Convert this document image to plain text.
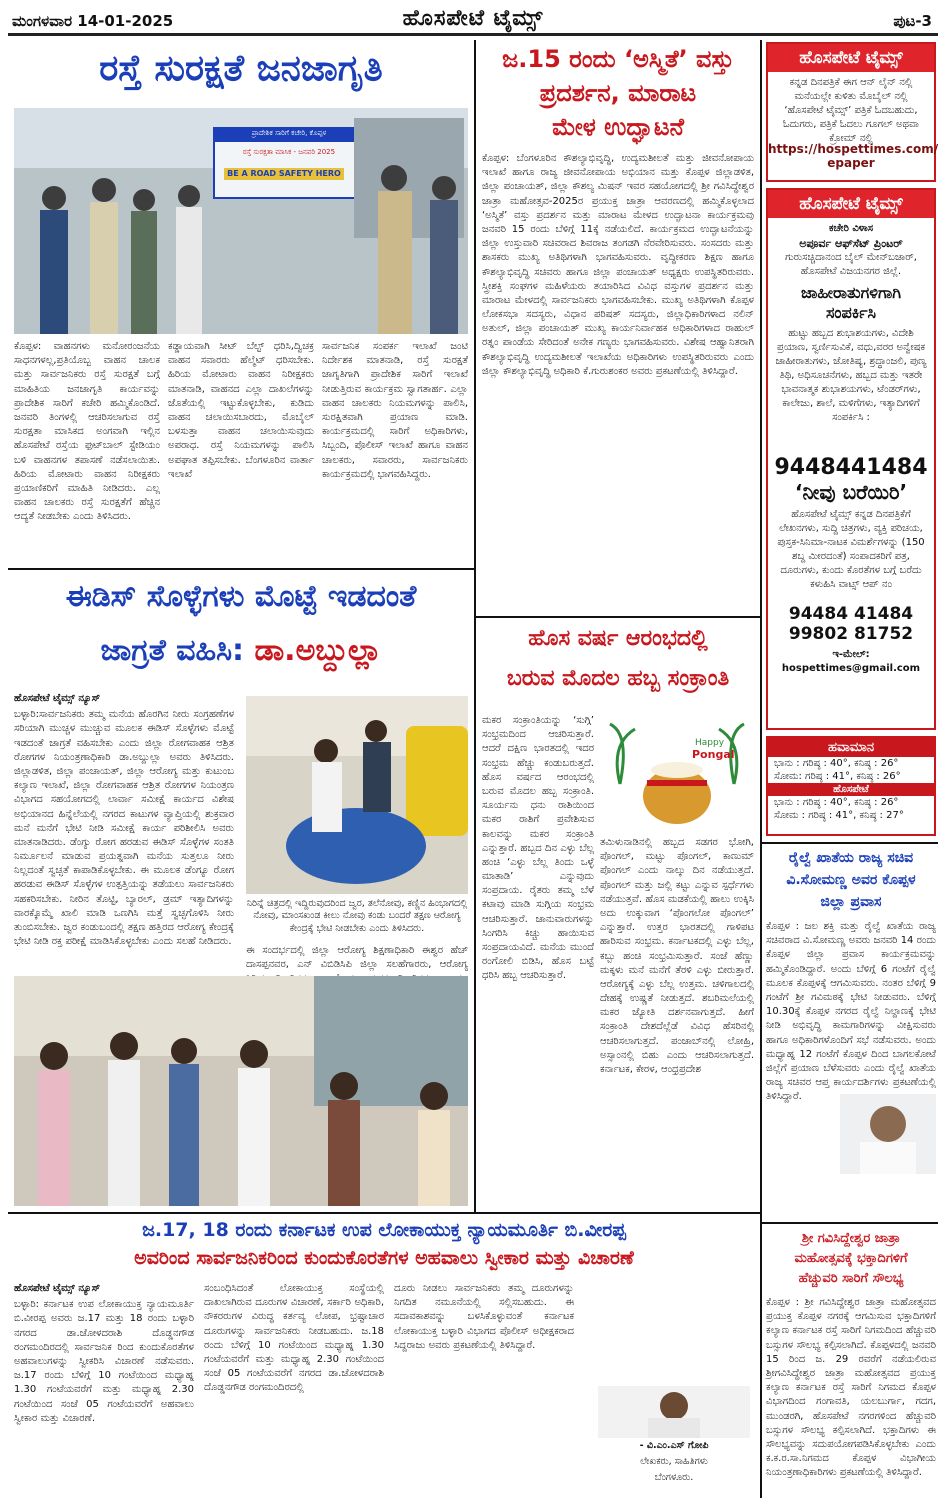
ಮಂಗಳವಾರ 14-01-2025	ಹೊಸಪೇಟೆ ಟೈಮ್ಸ್	ಪುಟ-3
ರಸ್ತೆ ಸುರಕ್ಷತೆ ಜನಜಾಗೃತಿ
ಪ್ರಾದೇಶಿಕ ಸಾರಿಗೆ ಕಚೇರಿ, ಕೊಪ್ಪಳ
ರಸ್ತೆ ಸುರಕ್ಷತಾ ಮಾಸಿಕ - ಜನವರಿ 2025
BE A ROAD SAFETY HERO

ಕೊಪ್ಪಳ: ವಾಹನಗಳು ಮನೋರಂಜನೆಯ ಸಾಧನಗಳಲ್ಲ,ಪ್ರತಿಯೊಬ್ಬ ವಾಹನ ಚಾಲಕ ಮತ್ತು ಸಾರ್ವಜನಿಕರು ರಸ್ತೆ ಸುರಕ್ಷತೆ ಬಗ್ಗೆ ಮಾಹಿತಿಯ ಜನಜಾಗೃತಿ ಕಾರ್ಯವನ್ನು ಪ್ರಾದೇಶಿಕ ಸಾರಿಗೆ ಕಚೇರಿ ಹಮ್ಮಿಕೊಂಡಿದೆ. ಜನವರಿ ತಿಂಗಳಲ್ಲಿ ಆಚರಿಸಲಾಗುವ ರಸ್ತೆ ಸುರಕ್ಷತಾ ಮಾಸಿಕದ ಅಂಗವಾಗಿ ಇಲ್ಲಿನ ಹೊಸಪೇಟೆ ರಸ್ತೆಯ ಫುಟ್‌ಬಾಲ್ ಸ್ಟೇಡಿಯಂ ಬಳಿ ವಾಹನಗಳ ತಪಾಸಣೆ ನಡೆಸಲಾಯಿತು. ಹಿರಿಯ ಮೋಟಾರು ವಾಹನ ನಿರೀಕ್ಷಕರು ಪ್ರಯಾಣಿಕರಿಗೆ ಮಾಹಿತಿ ನೀಡಿದರು. ಎಲ್ಲ ವಾಹನ ಚಾಲಕರು ರಸ್ತೆ ಸುರಕ್ಷತೆಗೆ ಹೆಚ್ಚಿನ ಆದ್ಯತೆ ನೀಡಬೇಕು ಎಂದು ತಿಳಿಸಿದರು.

ಕಡ್ಡಾಯವಾಗಿ ಸೀಟ್ ಬೆಲ್ಟ್ ಧರಿಸಿ,ದ್ವಿಚಕ್ರ ವಾಹನ ಸವಾರರು ಹೆಲ್ಮೆಟ್ ಧರಿಸಬೇಕು. ಹಿರಿಯ ಮೋಟಾರು ವಾಹನ ನಿರೀಕ್ಷಕರು ಮಾತನಾಡಿ, ವಾಹನದ ಎಲ್ಲಾ ದಾಖಲೆಗಳನ್ನು ಜೊತೆಯಲ್ಲಿ ಇಟ್ಟುಕೊಳ್ಳಬೇಕು, ಕುಡಿದು ವಾಹನ ಚಲಾಯಿಸಬಾರದು, ಮೊಬೈಲ್ ಬಳಸುತ್ತಾ ವಾಹನ ಚಲಾಯಿಸುವುದು ಅಪರಾಧ. ರಸ್ತೆ ನಿಯಮಗಳನ್ನು ಪಾಲಿಸಿ ಅಪಘಾತ ತಪ್ಪಿಸಬೇಕು. ಬೆಂಗಳೂರಿನ ವಾರ್ತಾ ಇಲಾಖೆ

ಸಾರ್ವಜನಿಕ ಸಂಪರ್ಕ ಇಲಾಖೆ ಜಂಟಿ ನಿರ್ದೇಶಕ ಮಾತನಾಡಿ, ರಸ್ತೆ ಸುರಕ್ಷತೆ ಜಾಗೃತಿಗಾಗಿ ಪ್ರಾದೇಶಿಕ ಸಾರಿಗೆ ಇಲಾಖೆ ನೀಡುತ್ತಿರುವ ಕಾರ್ಯಕ್ರಮ ಸ್ವಾಗತಾರ್ಹ. ಎಲ್ಲಾ ವಾಹನ ಚಾಲಕರು ನಿಯಮಗಳನ್ನು ಪಾಲಿಸಿ, ಸುರಕ್ಷಿತವಾಗಿ ಪ್ರಯಾಣ ಮಾಡಿ. ಕಾರ್ಯಕ್ರಮದಲ್ಲಿ ಸಾರಿಗೆ ಅಧಿಕಾರಿಗಳು, ಸಿಬ್ಬಂದಿ, ಪೊಲೀಸ್ ಇಲಾಖೆ ಹಾಗೂ ವಾಹನ ಚಾಲಕರು, ಸವಾರರು, ಸಾರ್ವಜನಿಕರು ಕಾರ್ಯಕ್ರಮದಲ್ಲಿ ಭಾಗವಹಿಸಿದ್ದರು.

ಈಡಿಸ್ ಸೊಳ್ಳೆಗಳು ಮೊಟ್ಟೆ ಇಡದಂತೆ
ಜಾಗ್ರತೆ ವಹಿಸಿ: ಡಾ.ಅಬ್ದುಲ್ಲಾ

ಹೊಸಪೇಟೆ ಟೈಮ್ಸ್ ನ್ಯೂಸ್

ಬಳ್ಳಾರಿ:ಸಾರ್ವಜನಿಕರು ತಮ್ಮ ಮನೆಯ ಹೊರಗಿನ ನೀರು ಸಂಗ್ರಹಣೆಗಳ ಸರಿಯಾಗಿ ಮುಚ್ಚಳ ಮುಚ್ಚುವ ಮೂಲಕ ಈಡಿಸ್ ಸೊಳ್ಳೆಗಳು ಮೊಟ್ಟೆ ಇಡದಂತೆ ಜಾಗ್ರತೆ ವಹಿಸಬೇಕು ಎಂದು ಜಿಲ್ಲಾ ರೋಗವಾಹಕ ಆಶ್ರಿತ ರೋಗಗಳ ನಿಯಂತ್ರಣಾಧಿಕಾರಿ ಡಾ.ಅಬ್ದುಲ್ಲಾ ಅವರು ತಿಳಿಸಿದರು. ಜಿಲ್ಲಾಡಳಿತ, ಜಿಲ್ಲಾ ಪಂಚಾಯತ್, ಜಿಲ್ಲಾ ಆರೋಗ್ಯ ಮತ್ತು ಕುಟುಂಬ ಕಲ್ಯಾಣ ಇಲಾಖೆ, ಜಿಲ್ಲಾ ರೋಗವಾಹಕ ಆಶ್ರಿತ ರೋಗಗಳ ನಿಯಂತ್ರಣ ವಿಭಾಗದ ಸಹಯೋಗದಲ್ಲಿ ಲಾರ್ವಾ ಸಮೀಕ್ಷೆ ಕಾರ್ಯದ ವಿಶೇಷ ಅಭಿಯಾನದ ಹಿನ್ನೆಲೆಯಲ್ಲಿ ನಗರದ ಕಾಟುಗಳ ವ್ಯಾಪ್ತಿಯಲ್ಲಿ ಶುಕ್ರವಾರ ಮನೆ ಮನೆಗೆ ಭೇಟಿ ನೀಡಿ ಸಮೀಕ್ಷೆ ಕಾರ್ಯ ಪರಿಶೀಲಿಸಿ ಅವರು ಮಾತನಾಡಿದರು. ಡೆಂಗ್ಯು ರೋಗ ಹರಡುವ ಈಡಿಸ್ ಸೊಳ್ಳೆಗಳ ಸಂತತಿ ನಿರ್ಮೂಲನೆ ಮಾಡುವ ಪ್ರಯತ್ನವಾಗಿ ಮನೆಯ ಸುತ್ತಲೂ ನೀರು ನಿಲ್ಲದಂತೆ ಸ್ವಚ್ಛತೆ ಕಾಪಾಡಿಕೊಳ್ಳಬೇಕು. ಈ ಮೂಲಕ ಡೆಂಗ್ಯೂ ರೋಗ ಹರಡುವ ಈಡಿಸ್ ಸೊಳ್ಳೆಗಳ ಉತ್ಪತ್ತಿಯನ್ನು ತಡೆಯಲು ಸಾರ್ವಜನಿಕರು ಸಹಕರಿಸಬೇಕು. ನೀರಿನ ತೊಟ್ಟಿ, ಬ್ಯಾರಲ್, ಡ್ರಮ್ ಇತ್ಯಾದಿಗಳನ್ನು ವಾರಕ್ಕೊಮ್ಮೆ ಖಾಲಿ ಮಾಡಿ ಒಣಗಿಸಿ ಮತ್ತೆ ಸ್ವಚ್ಛಗೊಳಿಸಿ ನೀರು ತುಂಬಿಸಬೇಕು. ಜ್ವರ ಕಂಡುಬಂದಲ್ಲಿ ತಕ್ಷಣ ಹತ್ತಿರದ ಆರೋಗ್ಯ ಕೇಂದ್ರಕ್ಕೆ ಭೇಟಿ ನೀಡಿ ರಕ್ತ ಪರೀಕ್ಷೆ ಮಾಡಿಸಿಕೊಳ್ಳಬೇಕು ಎಂದು ಸಲಹೆ ನೀಡಿದರು.

ನಿರಿನ್ನೆ ಚಿತ್ರದಲ್ಲಿ ಇದ್ದಿರುವುದರಿಂದ ಜ್ವರ, ತಲೆನೋವು, ಕಣ್ಣಿನ ಹಿಂಭಾಗದಲ್ಲಿ ನೋವು, ಮಾಂಸಖಂಡ ಕೀಲು ನೋವು ಕಂಡು ಬಂದರೆ ತಕ್ಷಣ ಆರೋಗ್ಯ ಕೇಂದ್ರಕ್ಕೆ ಭೇಟಿ ನೀಡಬೇಕು ಎಂದು ತಿಳಿಸಿದರು.

ಈ ಸಂದರ್ಭದಲ್ಲಿ ಜಿಲ್ಲಾ ಆರೋಗ್ಯ ಶಿಕ್ಷಣಾಧಿಕಾರಿ ಈಶ್ವರ ಹೆಚ್ ದಾಸಪ್ಪನವರ, ಎನ್ ವಿಬಿಡಿಸಿಪಿ ಜಿಲ್ಲಾ ಸಲಹೆಗಾರರು, ಆರೋಗ್ಯ

ಜ.17, 18 ರಂದು ಕರ್ನಾಟಕ ಉಪ ಲೋಕಾಯುಕ್ತ ನ್ಯಾಯಮೂರ್ತಿ ಬಿ.ವೀರಪ್ಪ
ಅವರಿಂದ ಸಾರ್ವಜನಿಕರಿಂದ ಕುಂದುಕೊರತೆಗಳ ಅಹವಾಲು ಸ್ವೀಕಾರ ಮತ್ತು ವಿಚಾರಣೆ

ಹೊಸಪೇಟೆ ಟೈಮ್ಸ್ ನ್ಯೂಸ್

ಬಳ್ಳಾರಿ: ಕರ್ನಾಟಕ ಉಪ ಲೋಕಾಯುಕ್ತ ನ್ಯಾಯಮೂರ್ತಿ ಬಿ.ವೀರಪ್ಪ ಅವರು ಜ.17 ಮತ್ತು 18 ರಂದು ಬಳ್ಳಾರಿ ನಗರದ ಡಾ.ಜೋಳದರಾಶಿ ದೊಡ್ಡನಗೌಡ ರಂಗಮಂದಿರದಲ್ಲಿ ಸಾರ್ವಜನಿಕ ರಿಂದ ಕುಂದುಕೊರತೆಗಳ ಅಹವಾಲುಗಳನ್ನು ಸ್ವೀಕರಿಸಿ ವಿಚಾರಣೆ ನಡೆಸುವರು. ಜ.17 ರಂದು ಬೆಳಿಗ್ಗೆ 10 ಗಂಟೆಯಿಂದ ಮಧ್ಯಾಹ್ನ 1.30 ಗಂಟೆಯವರೆಗೆ ಮತ್ತು ಮಧ್ಯಾಹ್ನ 2.30 ಗಂಟೆಯಿಂದ ಸಂಜೆ 05 ಗಂಟೆಯವರೆಗೆ ಅಹವಾಲು ಸ್ವೀಕಾರ ಮತ್ತು ವಿಚಾರಣೆ.

ಸಂಬಂಧಿಸಿದಂತೆ ಲೋಕಾಯುಕ್ತ ಸಂಸ್ಥೆಯಲ್ಲಿ ದಾಖಲಾಗಿರುವ ದೂರುಗಳ ವಿಚಾರಣೆ, ಸರ್ಕಾರಿ ಅಧಿಕಾರಿ, ನೌಕರರುಗಳ ವಿರುದ್ಧ ಕರ್ತವ್ಯ ಲೋಪ, ಭ್ರಷ್ಟಾಚಾರ ದೂರುಗಳನ್ನು ಸಾರ್ವಜನಿಕರು ನೀಡಬಹುದು. ಜ.18 ರಂದು ಬೆಳಿಗ್ಗೆ 10 ಗಂಟೆಯಿಂದ ಮಧ್ಯಾಹ್ನ 1.30 ಗಂಟೆಯವರೆಗೆ ಮತ್ತು ಮಧ್ಯಾಹ್ನ 2.30 ಗಂಟೆಯಿಂದ ಸಂಜೆ 05 ಗಂಟೆಯವರೆಗೆ ನಗರದ ಡಾ.ಜೋಳದರಾಶಿ ದೊಡ್ಡನಗೌಡ ರಂಗಮಂದಿರದಲ್ಲಿ

ದೂರು ನೀಡಲು ಸಾರ್ವಜನಿಕರು ತಮ್ಮ ದೂರುಗಳನ್ನು ನಿಗದಿತ ನಮೂನೆಯಲ್ಲಿ ಸಲ್ಲಿಸಬಹುದು. ಈ ಸದಾವಕಾಶವನ್ನು ಬಳಸಿಕೊಳ್ಳುವಂತೆ ಕರ್ನಾಟಕ ಲೋಕಾಯುಕ್ತ ಬಳ್ಳಾರಿ ವಿಭಾಗದ ಪೊಲೀಸ್ ಅಧೀಕ್ಷಕರಾದ ಸಿದ್ದರಾಜು ಅವರು ಪ್ರಕಟಣೆಯಲ್ಲಿ ತಿಳಿಸಿದ್ದಾರೆ.

ಜ.15 ರಂದು ‘ಅಸ್ಮಿತೆ’ ವಸ್ತು
ಪ್ರದರ್ಶನ, ಮಾರಾಟ
ಮೇಳ ಉದ್ಘಾಟನೆ

ಕೊಪ್ಪಳ: ಬೆಂಗಳೂರಿನ ಕೌಶಲ್ಯಾಭಿವೃದ್ಧಿ, ಉದ್ಯಮಶೀಲತೆ ಮತ್ತು ಜೀವನೋಪಾಯ ಇಲಾಖೆ ಹಾಗೂ ರಾಜ್ಯ ಜೀವನೋಪಾಯ ಅಭಿಯಾನ ಮತ್ತು ಕೊಪ್ಪಳ ಜಿಲ್ಲಾಡಳಿತ, ಜಿಲ್ಲಾ ಪಂಚಾಯತ್, ಜಿಲ್ಲಾ ಕೌಶಲ್ಯ ಮಿಷನ್ ಇವರ ಸಹಯೋಗದಲ್ಲಿ ಶ್ರೀ ಗವಿಸಿದ್ಧೇಶ್ವರ ಜಾತ್ರಾ ಮಹೋತ್ಸವ-2025ರ ಪ್ರಯುಕ್ತ ಜಾತ್ರಾ ಆವರಣದಲ್ಲಿ ಹಮ್ಮಿಕೊಳ್ಳಲಾದ ‘ಅಸ್ಮಿತೆ’ ವಸ್ತು ಪ್ರದರ್ಶನ ಮತ್ತು ಮಾರಾಟ ಮೇಳದ ಉದ್ಘಾಟನಾ ಕಾರ್ಯಕ್ರಮವು ಜನವರಿ 15 ರಂದು ಬೆಳಿಗ್ಗೆ 11ಕ್ಕೆ ನಡೆಯಲಿದೆ. ಕಾರ್ಯಕ್ರಮದ ಉದ್ಘಾಟನೆಯನ್ನು ಜಿಲ್ಲಾ ಉಸ್ತುವಾರಿ ಸಚಿವರಾದ ಶಿವರಾಜ ತಂಗಡಗಿ ನೆರವೇರಿಸುವರು. ಸಂಸದರು ಮತ್ತು ಶಾಸಕರು ಮುಖ್ಯ ಅತಿಥಿಗಳಾಗಿ ಭಾಗವಹಿಸುವರು. ವೃದ್ಧೀಕರಣ ಶಿಕ್ಷಣ ಹಾಗೂ ಕೌಶಲ್ಯಾಭಿವೃದ್ಧಿ ಸಚಿವರು ಹಾಗೂ ಜಿಲ್ಲಾ ಪಂಚಾಯತ್ ಅಧ್ಯಕ್ಷರು ಉಪಸ್ಥಿತರಿರುವರು. ಸ್ತ್ರೀಶಕ್ತಿ ಸಂಘಗಳ ಮಹಿಳೆಯರು ತಯಾರಿಸಿದ ವಿವಿಧ ವಸ್ತುಗಳ ಪ್ರದರ್ಶನ ಮತ್ತು ಮಾರಾಟ ಮೇಳದಲ್ಲಿ ಸಾರ್ವಜನಿಕರು ಭಾಗವಹಿಸಬೇಕು. ಮುಖ್ಯ ಅತಿಥಿಗಳಾಗಿ ಕೊಪ್ಪಳ ಲೋಕಸಭಾ ಸದಸ್ಯರು, ವಿಧಾನ ಪರಿಷತ್ ಸದಸ್ಯರು, ಜಿಲ್ಲಾಧಿಕಾರಿಗಳಾದ ನಲಿನ್ ಅತುಲ್, ಜಿಲ್ಲಾ ಪಂಚಾಯತ್ ಮುಖ್ಯ ಕಾರ್ಯನಿರ್ವಾಹಕ ಅಧಿಕಾರಿಗಳಾದ ರಾಹುಲ್ ರತ್ನಂ ಪಾಂಡೆಯ ಸೇರಿದಂತೆ ಅನೇಕ ಗಣ್ಯರು ಭಾಗವಹಿಸುವರು. ವಿಶೇಷ ಆಹ್ವಾನಿತರಾಗಿ ಕೌಶಲ್ಯಾಭಿವೃದ್ಧಿ ಉದ್ಯಮಶೀಲತೆ ಇಲಾಖೆಯ ಅಧಿಕಾರಿಗಳು ಉಪಸ್ಥಿತರಿರುವರು ಎಂದು ಜಿಲ್ಲಾ ಕೌಶಲ್ಯಾಭಿವೃದ್ಧಿ ಅಧಿಕಾರಿ ಕೆ.ಗುರುಶಂಕರ ಅವರು ಪ್ರಕಟಣೆಯಲ್ಲಿ ತಿಳಿಸಿದ್ದಾರೆ.

ಹೊಸ ವರ್ಷ ಆರಂಭದಲ್ಲಿ
ಬರುವ ಮೊದಲ ಹಬ್ಬ ಸಂಕ್ರಾಂತಿ

ಮಕರ ಸಂಕ್ರಾಂತಿಯನ್ನು ‘ಸುಗ್ಗಿ’ ಸಂಭ್ರಮದಿಂದ ಆಚರಿಸುತ್ತಾರೆ. ಆದರೆ ದಕ್ಷಿಣ ಭಾರತದಲ್ಲಿ ಇದರ ಸಂಭ್ರಮ ಹೆಚ್ಚು ಕಂಡುಬರುತ್ತದೆ. ಹೊಸ ವರ್ಷದ ಆರಂಭದಲ್ಲಿ ಬರುವ ಮೊದಲ ಹಬ್ಬ ಸಂಕ್ರಾಂತಿ. ಸೂರ್ಯನು ಧನು ರಾಶಿಯಿಂದ ಮಕರ ರಾಶಿಗೆ ಪ್ರವೇಶಿಸುವ ಕಾಲವನ್ನು ಮಕರ ಸಂಕ್ರಾಂತಿ ಎನ್ನುತ್ತಾರೆ. ಹಬ್ಬದ ದಿನ ಎಳ್ಳು ಬೆಲ್ಲ ಹಂಚಿ ‘ಎಳ್ಳು ಬೆಲ್ಲ ತಿಂದು ಒಳ್ಳೆ ಮಾತಾಡಿ’ ಎನ್ನುವುದು ಸಂಪ್ರದಾಯ. ರೈತರು ತಮ್ಮ ಬೆಳೆ ಕಟಾವು ಮಾಡಿ ಸುಗ್ಗಿಯ ಸಂಭ್ರಮ ಆಚರಿಸುತ್ತಾರೆ. ಜಾನುವಾರುಗಳನ್ನು ಸಿಂಗರಿಸಿ ಕಿಚ್ಚು ಹಾಯಿಸುವ ಸಂಪ್ರದಾಯವಿದೆ. ಮನೆಯ ಮುಂದೆ ರಂಗೋಲಿ ಬಿಡಿಸಿ, ಹೊಸ ಬಟ್ಟೆ ಧರಿಸಿ ಹಬ್ಬ ಆಚರಿಸುತ್ತಾರೆ.

Happy
Pongal

ತಮಿಳುನಾಡಿನಲ್ಲಿ ಹಬ್ಬದ ಸಡಗರ ಭೋಗಿ, ಪೊಂಗಲ್, ಮಟ್ಟು ಪೊಂಗಲ್, ಕಾಣುಮ್ ಪೊಂಗಲ್ ಎಂದು ನಾಲ್ಕು ದಿನ ನಡೆಯುತ್ತದೆ. ಪೊಂಗಲ್ ಮತ್ತು ಜಲ್ಲಿ ಕಟ್ಟು ಎನ್ನುವ ಸ್ಪರ್ಧೆಗಳು ನಡೆಯುತ್ತವೆ. ಹೊಸ ಮಡಕೆಯಲ್ಲಿ ಹಾಲು ಉಕ್ಕಿಸಿ ಅದು ಉಕ್ಕುವಾಗ ‘ಪೊಂಗಲೋ ಪೊಂಗಲ್’ ಎನ್ನುತ್ತಾರೆ. ಉತ್ತರ ಭಾರತದಲ್ಲಿ ಗಾಳಿಪಟ ಹಾರಿಸುವ ಸಂಭ್ರಮ. ಕರ್ನಾಟಕದಲ್ಲಿ ಎಳ್ಳು ಬೆಲ್ಲ, ಕಬ್ಬು ಹಂಚಿ ಸಂಭ್ರಮಿಸುತ್ತಾರೆ. ಸಂಜೆ ಹೆಣ್ಣು ಮಕ್ಕಳು ಮನೆ ಮನೆಗೆ ತೆರಳಿ ಎಳ್ಳು ಬೀರುತ್ತಾರೆ. ಆರೋಗ್ಯಕ್ಕೆ ಎಳ್ಳು ಬೆಲ್ಲ ಉತ್ತಮ. ಚಳಿಗಾಲದಲ್ಲಿ ದೇಹಕ್ಕೆ ಉಷ್ಣತೆ ನೀಡುತ್ತದೆ. ಶಬರಿಮಲೆಯಲ್ಲಿ ಮಕರ ಜ್ಯೋತಿ ದರ್ಶನವಾಗುತ್ತದೆ. ಹೀಗೆ ಸಂಕ್ರಾಂತಿ ದೇಶದೆಲ್ಲೆಡೆ ವಿವಿಧ ಹೆಸರಿನಲ್ಲಿ ಆಚರಿಸಲಾಗುತ್ತದೆ. ಪಂಜಾಬ್‌ನಲ್ಲಿ ಲೋಹ್ರಿ, ಅಸ್ಸಾಂನಲ್ಲಿ ಬಿಹು ಎಂದು ಆಚರಿಸಲಾಗುತ್ತದೆ. ಕರ್ನಾಟಕ, ಕೇರಳ, ಆಂಧ್ರಪ್ರದೇಶ

- ವಿ.ಎಂ.ಎಸ್ ಗೋಪಿ
ಲೇಖಕರು, ಸಾಹಿತಿಗಳು
ಬೆಂಗಳೂರು.
ಹೊಸಪೇಟೆ ಟೈಮ್ಸ್
ಕನ್ನಡ ದಿನಪತ್ರಿಕೆ ಈಗ ಆನ್ ಲೈನ್ ನಲ್ಲಿ ಮನೆಯಲ್ಲೇ ಕುಳಿತು ಮೊಬೈಲ್ ನಲ್ಲಿ ‘ಹೊಸಪೇಟೆ ಟೈಮ್ಸ್’ ಪತ್ರಿಕೆ ಓದಬಹುದು, ಓದುಗರು, ಪತ್ರಿಕೆ ಓದಲು ಗೂಗಲ್ ಅಥವಾ ಕ್ರೋಮ್ ನಲ್ಲಿ
https://hospettimes.com/
epaper
ಹೊಸಪೇಟೆ ಟೈಮ್ಸ್
ಕಚೇರಿ ವಿಳಾಸ
ಅಪೂರ್ವ ಆಫ್‌ಸೆಟ್ ಪ್ರಿಂಟರ್
ಗುರುಸಚ್ಚಿದಾನಂದ ಬೈಲ್ ಮೇನ್‌ಬಜಾರ್, ಹೊಸಪೇಟೆ ವಿಜಯನಗರ ಜಿಲ್ಲೆ.
ಜಾಹೀರಾತುಗಳಿಗಾಗಿ
ಸಂಪರ್ಕಿಸಿ
ಹುಟ್ಟು ಹಬ್ಬದ ಶುಭಾಶಯಗಳು, ವಿದೇಶಿ ಪ್ರಯಾಣ, ಸ್ವರ್ಣಿಸುವಿಕೆ, ವಧು,ವರರ ಅನ್ವೇಷಕ ಜಾಹೀರಾತುಗಳು, ಜೋತಿಷ್ಯ, ಶ್ರದ್ಧಾಂಜಲಿ, ಪುಣ್ಯ ತಿಥಿ, ಅಧಿಸೂಚನೆಗಳು, ಹಬ್ಬದ ಮತ್ತು ಇತರೇ ಭಾವನಾತ್ಮಕ ಶುಭಾಶಯಗಳು, ಟೆಂಡರ್‌ಗಳು, ಕಾಲೇಜು, ಶಾಲೆ, ಮಳಿಗೆಗಳು, ಇತ್ಯಾದಿಗಳಿಗೆ ಸಂಪರ್ಕಿಸಿ :
9448441484
‘ನೀವು ಬರೆಯಿರಿ’
ಹೊಸಪೇಟೆ ಟೈಮ್ಸ್ ಕನ್ನಡ ದಿನಪತ್ರಿಕೆಗೆ ಲೇಖನಗಳು, ಸುದ್ದಿ ಚಿತ್ರಗಳು, ವ್ಯಕ್ತಿ ಪರಿಚಯ, ಪುಸ್ತಕ-ಸಿನಿಮಾ-ನಾಟಕ ವಿಮರ್ಶೆಗಳನ್ನು (150 ಶಬ್ದ ಮೀರದಂತೆ) ಸಂಪಾದಕರಿಗೆ ಪತ್ರ, ದೂರುಗಳು, ಕುಂದು ಕೊರತೆಗಳ ಬಗ್ಗೆ ಬರೆದು ಕಳುಹಿಸಿ ವಾಟ್ಸ್ ಆಪ್ ನಂ
94484 41484
99802 81752
ಇ-ಮೇಲ್: hospettimes@gmail.com
ಹವಾಮಾನ
ಭಾನು : ಗರಿಷ್ಠ : 40°, ಕನಿಷ್ಠ : 26°
ಸೋಮ: ಗರಿಷ್ಠ : 41°, ಕನಿಷ್ಠ : 26°
ಹೊಸಪೇಟೆ
ಭಾನು : ಗರಿಷ್ಠ : 40°, ಕನಿಷ್ಠ : 26°
ಸೋಮ : ಗರಿಷ್ಠ : 41°, ಕನಿಷ್ಠ : 27°
ರೈಲ್ವೆ ಖಾತೆಯ ರಾಜ್ಯ ಸಚಿವ
ವಿ.ಸೋಮಣ್ಣ ಅವರ ಕೊಪ್ಪಳ
ಜಿಲ್ಲಾ ಪ್ರವಾಸ

ಕೊಪ್ಪಳ : ಜಲ ಶಕ್ತಿ ಮತ್ತು ರೈಲ್ವೆ ಖಾತೆಯ ರಾಜ್ಯ ಸಚಿವರಾದ ವಿ.ಸೋಮಣ್ಣ ಅವರು ಜನವರಿ 14 ರಂದು ಕೊಪ್ಪಳ ಜಿಲ್ಲಾ ಪ್ರವಾಸ ಕಾರ್ಯಕ್ರಮವನ್ನು ಹಮ್ಮಿಕೊಂಡಿದ್ದಾರೆ. ಅಂದು ಬೆಳಿಗ್ಗೆ 6 ಗಂಟೆಗೆ ರೈಲ್ವೆ ಮೂಲಕ ಕೊಪ್ಪಳಕ್ಕೆ ಆಗಮಿಸುವರು. ನಂತರ ಬೆಳಿಗ್ಗೆ 9 ಗಂಟೆಗೆ ಶ್ರೀ ಗವಿಮಠಕ್ಕೆ ಭೇಟಿ ನೀಡುವರು. ಬೆಳಿಗ್ಗೆ 10.30ಕ್ಕೆ ಕೊಪ್ಪಳ ನಗರದ ರೈಲ್ವೆ ನಿಲ್ದಾಣಕ್ಕೆ ಭೇಟಿ ನೀಡಿ ಅಭಿವೃದ್ಧಿ ಕಾಮಗಾರಿಗಳನ್ನು ವೀಕ್ಷಿಸುವರು ಹಾಗೂ ಅಧಿಕಾರಿಗಳೊಂದಿಗೆ ಸಭೆ ನಡೆಸುವರು. ಅಂದು ಮಧ್ಯಾಹ್ನ 12 ಗಂಟೆಗೆ ಕೊಪ್ಪಳ ದಿಂದ ಬಾಗಲಕೋಟೆ ಜಿಲ್ಲೆಗೆ ಪ್ರಯಾಣ ಬೆಳೆಸುವರು ಎಂದು ರೈಲ್ವೆ ಖಾತೆಯ ರಾಜ್ಯ ಸಚಿವರ ಆಪ್ತ ಕಾರ್ಯದರ್ಶಿಗಳು ಪ್ರಕಟಣೆಯಲ್ಲಿ ತಿಳಿಸಿದ್ದಾರೆ.

ಶ್ರೀ ಗವಿಸಿದ್ದೇಶ್ವರ ಜಾತ್ರಾ
ಮಹೋತ್ಸವಕ್ಕೆ ಭಕ್ತಾದಿಗಳಿಗೆ
ಹೆಚ್ಚುವರಿ ಸಾರಿಗೆ ಸೌಲಭ್ಯ

ಕೊಪ್ಪಳ : ಶ್ರೀ ಗವಿಸಿದ್ದೇಶ್ವರ ಜಾತ್ರಾ ಮಹೋತ್ಸವದ ಪ್ರಯುಕ್ತ ಕೊಪ್ಪಳ ನಗರಕ್ಕೆ ಆಗಮಿಸುವ ಭಕ್ತಾದಿಗಳಿಗೆ ಕಲ್ಯಾಣ ಕರ್ನಾಟಕ ರಸ್ತೆ ಸಾರಿಗೆ ನಿಗಮದಿಂದ ಹೆಚ್ಚುವರಿ ಬಸ್ಸುಗಳ ಸೌಲಭ್ಯ ಕಲ್ಪಿಸಲಾಗಿದೆ. ಕೊಪ್ಪಳದಲ್ಲಿ ಜನವರಿ 15 ರಿಂದ ಜ. 29 ರವರೆಗೆ ನಡೆಯಲಿರುವ ಶ್ರೀಗವಿಸಿದ್ಧೇಶ್ವರ ಜಾತ್ರಾ ಮಹೋತ್ಸವದ ಪ್ರಯುಕ್ತ ಕಲ್ಯಾಣ ಕರ್ನಾಟಕ ರಸ್ತೆ ಸಾರಿಗೆ ನಿಗಮದ ಕೊಪ್ಪಳ ವಿಭಾಗದಿಂದ ಗಂಗಾವತಿ, ಯಲಬುರ್ಗಾ, ಗದಗ, ಮುಂಡರಗಿ, ಹೊಸಪೇಟೆ ನಗರಗಳಿಂದ ಹೆಚ್ಚುವರಿ ಬಸ್ಸುಗಳ ಸೌಲಭ್ಯ ಕಲ್ಪಿಸಲಾಗಿದೆ. ಭಕ್ತಾದಿಗಳು ಈ ಸೌಲಭ್ಯವನ್ನು ಸದುಪಯೋಗಪಡಿಸಿಕೊಳ್ಳಬೇಕು ಎಂದು ಕ.ಕ.ರ.ಸಾ.ನಿಗಮದ ಕೊಪ್ಪಳ ವಿಭಾಗೀಯ ನಿಯಂತ್ರಣಾಧಿಕಾರಿಗಳು ಪ್ರಕಟಣೆಯಲ್ಲಿ ತಿಳಿಸಿದ್ದಾರೆ.
